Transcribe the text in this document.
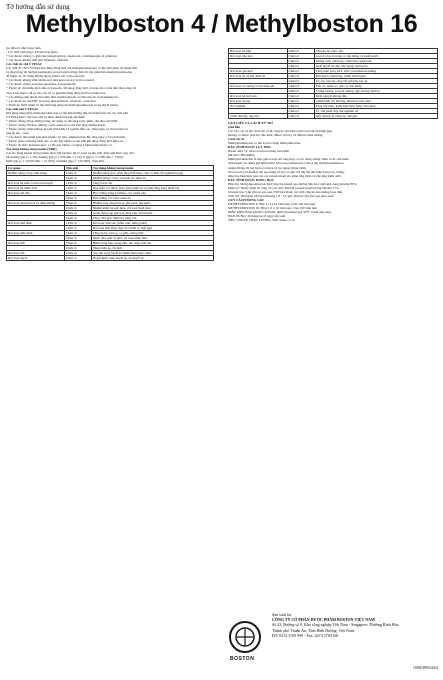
Tờ hướng dẫn sử dụng
Methylboston 4 / Methylboston 16

gia điều trị như trong tuần.

- Các chất cảm ứng CYP3A4 ban gồm:

+ Các thuốc chống co giật như phenobarbital, phenytoin, carbamazepin và primidon

+ Các thuốc kháng sinh như rifampin, rifabutin

Các chất ức chế CYP3A4

Các chất ức chế CYP3A4 nếu dùng đồng thời với methylprednisolon có thể làm giảm độ thanh thải

và tăng nồng độ methylprednisolon trong huyết tương. Khi đó cần giảm liều methylprednisolon

để tránh các tác dụng không mong muốn của corticosteroid.

+ Các thuốc kháng nấm nhóm azol như ketoconazol và itraconazol.

+ Các thuốc chống nôn như aprepitant, fosaprepitant.

+ Thuốc ức chế miễn dịch như ciclosporin. Sử dụng đồng thời ciclosporin có thể làm tăng nồng độ

của cả hai thuốc; đã có báo cáo về co giật khi dùng đồng thời hai thuốc này.

+ Các kháng sinh nhóm macrolid như clarithromycin, erythromycin, troleandomycin.

+ Các thuốc ức chế HIV protease như indinavir, ritonavir, cobicistat.

+ Nước ép bưởi chùm có thể làm tăng nồng độ methylprednisolon trong huyết tương.

Các chất nền CYP3A4

Khi dùng đồng thời, methylprednisolon có thể ảnh hưởng đến độ thanh thải của các chất nền

CYP3A4 khác; cần theo dõi và điều chỉnh liều khi cần thiết.

+ Thuốc chống đông đường uống: tác dụng có thể tăng hoặc giảm, cần theo dõi INR.

+ Thuốc chống đái tháo đường: corticosteroid có thể làm tăng đường huyết.

+ Thuốc chống viêm không steroid (NSAID) và aspirin liều cao: tăng nguy cơ xuất huyết và

loét dạ dày - ruột.

+ Các thuốc làm giảm kali máu (thuốc lợi tiểu, amphotericin B): tăng nguy cơ hạ kali máu.

+ Thuốc giãn cơ không khử cực: có thể gây bệnh cơ cấp tính khi dùng đồng thời liều cao.

+ Thuốc ức chế cholinesterase: có thể gây nhược cơ nặng ở bệnh nhân nhược cơ.

Tác dụng không mong muốn (ADR)

Các tác dụng không mong muốn được liệt kê theo hệ cơ quan và tần suất. Tần suất được quy ước:

rất thường gặp (≥ 1/10), thường gặp (≥ 1/100 đến < 1/10), ít gặp (≥ 1/1.000 đến < 1/100),

hiếm gặp (≥ 1/10.000 đến < 1/1.000), rất hiếm gặp (< 1/10.000), chưa biết.

Cơ quan	Tần suất	Tác dụng không mong muốn
Nhiễm trùng và ký sinh trùng	Chưa rõ	Nhiễm trùng (bao gồm tăng tính nhạy cảm và mức độ nghiêm trọng)
	Chưa rõ	Nhiễm trùng cơ hội, tái phát lao tiềm ẩn
Rối loạn hệ máu và hệ bạch huyết	Chưa rõ	Tăng bạch cầu
Rối loạn hệ miễn dịch	Chưa rõ	Quá mẫn với thuốc (bao gồm phản vệ và phản ứng dạng phản vệ)
Rối loạn nội tiết	Chưa rõ	Hội chứng dạng Cushing, suy tuyến yên
	Chưa rõ	Hội chứng cai corticosteroid
Rối loạn chuyển hóa và dinh dưỡng	Chưa rõ	Nhiễm toan chuyển hóa, giữ natri, giữ nước
	Chưa rõ	Nhiễm kiềm hạ kali máu, rối loạn lipid máu
	Chưa rõ	Giảm dung nạp glucose, tăng nhu cầu insulin
	Chưa rõ	Tăng cảm giác thèm ăn, tăng cân
Rối loạn tâm thần	Chưa rõ	Rối loạn cảm xúc (trầm cảm, hưng phấn)
	Chưa rõ	Rối loạn tâm thần, thay đổi hành vi, mất ngủ
Rối loạn thần kinh	Chưa rõ	Tăng áp lực nội sọ, co giật, chóng mặt
	Chưa rõ	Nhức đầu, mất trí nhớ, rối loạn nhận thức
Rối loạn mắt	Chưa rõ	Bệnh võng mạc trung tâm, đục thủy tinh thể
	Chưa rõ	Tăng nhãn áp, lồi mắt
Rối loạn tim	Chưa rõ	Suy tim sung huyết (ở bệnh nhân nhạy cảm)
Rối loạn mạch	Chưa rõ	Huyết khối, tăng huyết áp, hạ huyết áp
Rối loạn hô hấp	Chưa rõ	Thuyên tắc phổi, nấc
Rối loạn tiêu hóa	Chưa rõ	Loét dạ dày tá tràng có thể thủng và xuất huyết
	Chưa rõ	Thủng ruột, viêm tụy, viêm thực quản loét
	Chưa rõ	Xuất huyết dạ dày, đau bụng, buồn nôn
Rối loạn gan mật	Chưa rõ	Tăng men gan (ALT, AST, phosphatase kiềm)
Rối loạn da và mô dưới da	Chưa rõ	Phù mạch, rậm lông, chấm xuất huyết
	Chưa rõ	Teo da, ban đỏ, tăng tiết mồ hôi, rạn da
Rối loạn cơ xương và mô liên kết	Chưa rõ	Yếu cơ, bệnh cơ, đau cơ, đau khớp
	Chưa rõ	Loãng xương, hoại tử xương, gãy xương bệnh lý
Rối loạn hệ sinh sản	Chưa rõ	Kinh nguyệt không đều
Rối loạn chung	Chưa rõ	Chậm lành vết thương, mệt mỏi, khó chịu
Xét nghiệm	Chưa rõ	Tăng urê máu, giảm kali máu, tăng calci niệu
	Chưa rõ	Ức chế phản ứng thử nghiệm da
Chấn thương, ngộ độc	Chưa rõ	Gãy xương do chèn ép, đứt gân

QUÁ LIỀU VÀ CÁCH XỬ TRÍ

Quá liều

Các báo cáo về độc tính cấp và tử vong do quá liều corticosteroid rất hiếm gặp.

Không có thuốc giải độc đặc hiệu; điều trị hỗ trợ và điều trị triệu chứng.

Cách xử trí

Methylprednisolon có thể loại bỏ bằng thẩm phân máu.

ĐẶC TÍNH DƯỢC LỰC HỌC

Nhóm dược lý: Glucocorticoid dùng toàn thân

Mã ATC: H02AB04

Methylprednisolon là một glucocorticoid tổng hợp, có tác dụng chống viêm và ức chế miễn

dịch mạnh; tác dụng giữ muối nước yếu hơn prednisolon. Liều 4 mg methylprednisolon

tương đương 20 mg hydrocortison về tác dụng chống viêm.

Glucocorticoid khuếch tán qua màng tế bào và gắn với thụ thể đặc hiệu trong bào tương,

điều hòa biểu hiện gen của các protein tham gia phản ứng viêm và đáp ứng miễn dịch.

ĐẶC TÍNH DƯỢC ĐỘNG HỌC

Hấp thu: Methylprednisolon được hấp thu nhanh qua đường tiêu hóa; sinh khả dụng khoảng 89%.

Phân bố: Thuốc phân bố rộng vào các mô; liên kết protein huyết tương khoảng 77%.

Chuyển hóa: Chủ yếu tại gan qua CYP3A4 thành các chất chuyển hóa không hoạt tính.

Thải trừ: Thời gian bán thải khoảng 1,8 - 5,2 giờ; thải trừ chủ yếu qua nước tiểu.

QUY CÁCH ĐÓNG GÓI

METHYLBOSTON 4: Hộp 3 vỉ x 10 viên nén; Chai 100 viên nén

METHYLBOSTON 16: Hộp 3 vỉ x 10 viên nén; Chai 100 viên nén

ĐIỀU KIỆN BẢO QUẢN: Nơi khô, nhiệt độ không quá 30°C, tránh ánh sáng.

HẠN DÙNG: 36 tháng kể từ ngày sản xuất.

TIÊU CHUẨN CHẤT LƯỢNG: Tiêu chuẩn cơ sở.

BOSTON
Sản xuất tại:
CÔNG TY CỔ PHẦN DƯỢC PHẨM BOSTON VIỆT NAM
Số 43, Đường số 8, Khu công nghiệp Việt Nam - Singapore, Phường Bình Hòa,
Thành phố Thuận An, Tỉnh Bình Dương, Việt Nam.
ĐT: 0274 3769 999 - Fax: 0274 3769 601
1008189534/02
